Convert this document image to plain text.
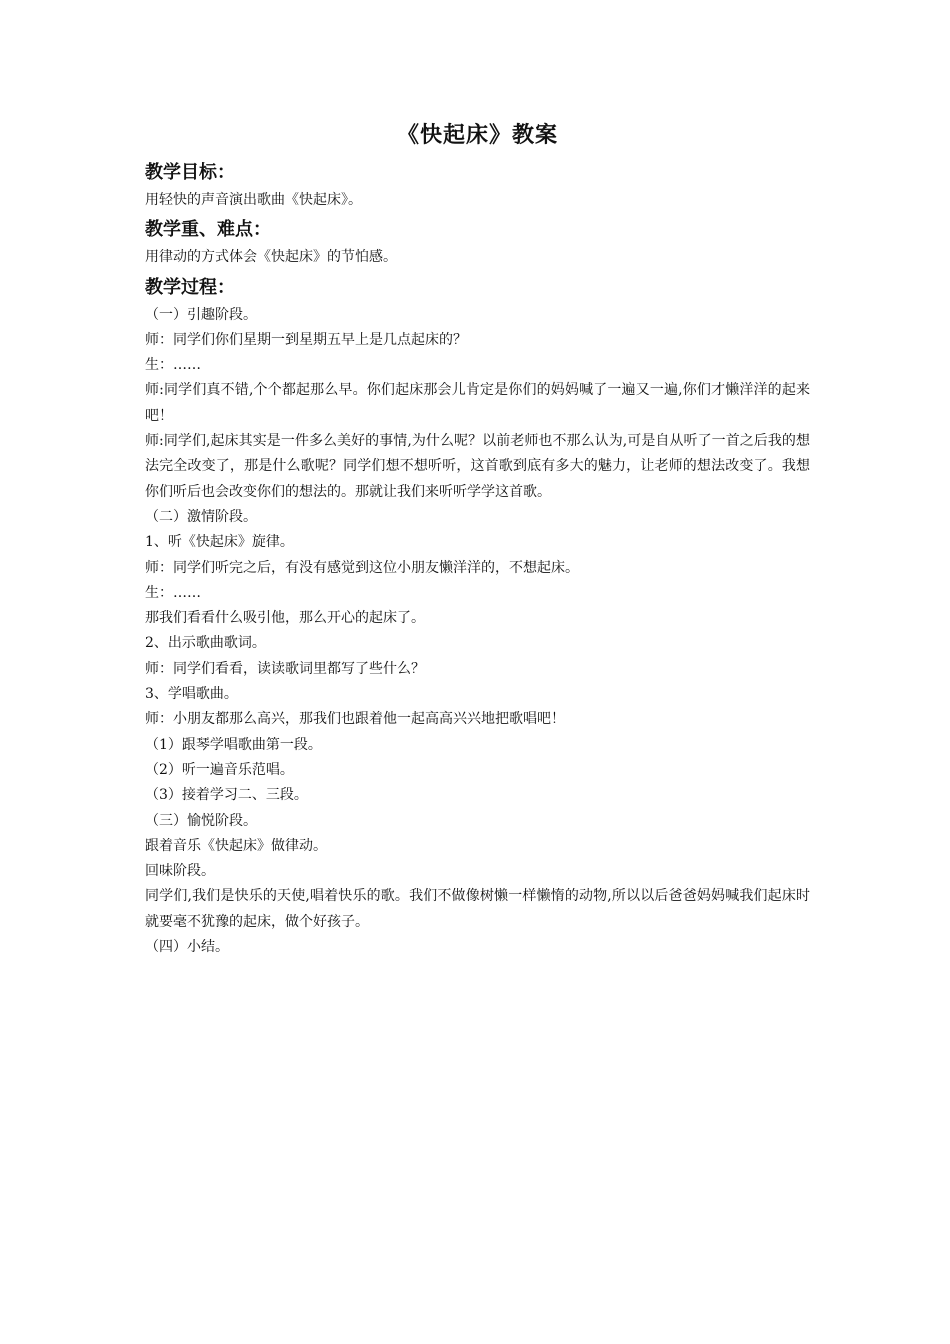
《快起床》教案
教学目标：

用轻快的声音演出歌曲《快起床》。

教学重、难点：

用律动的方式体会《快起床》的节怕感。

教学过程：

（一）引趣阶段。

师：同学们你们星期一到星期五早上是几点起床的？

生：……

师:同学们真不错,个个都起那么早。你们起床那会儿肯定是你们的妈妈喊了一遍又一遍,你们才懒洋洋的起来吧！

师:同学们,起床其实是一件多么美好的事情,为什么呢？以前老师也不那么认为,可是自从听了一首之后我的想法完全改变了，那是什么歌呢？同学们想不想听听，这首歌到底有多大的魅力，让老师的想法改变了。我想你们听后也会改变你们的想法的。那就让我们来听听学学这首歌。

（二）激情阶段。

1、听《快起床》旋律。

师：同学们听完之后，有没有感觉到这位小朋友懒洋洋的，不想起床。

生：……

那我们看看什么吸引他，那么开心的起床了。

2、出示歌曲歌词。

师：同学们看看，读读歌词里都写了些什么？

3、学唱歌曲。

师：小朋友都那么高兴，那我们也跟着他一起高高兴兴地把歌唱吧！

（1）跟琴学唱歌曲第一段。

（2）听一遍音乐范唱。

（3）接着学习二、三段。

（三）愉悦阶段。

跟着音乐《快起床》做律动。

回味阶段。

同学们,我们是快乐的天使,唱着快乐的歌。我们不做像树懒一样懒惰的动物,所以以后爸爸妈妈喊我们起床时就要毫不犹豫的起床，做个好孩子。

（四）小结。
